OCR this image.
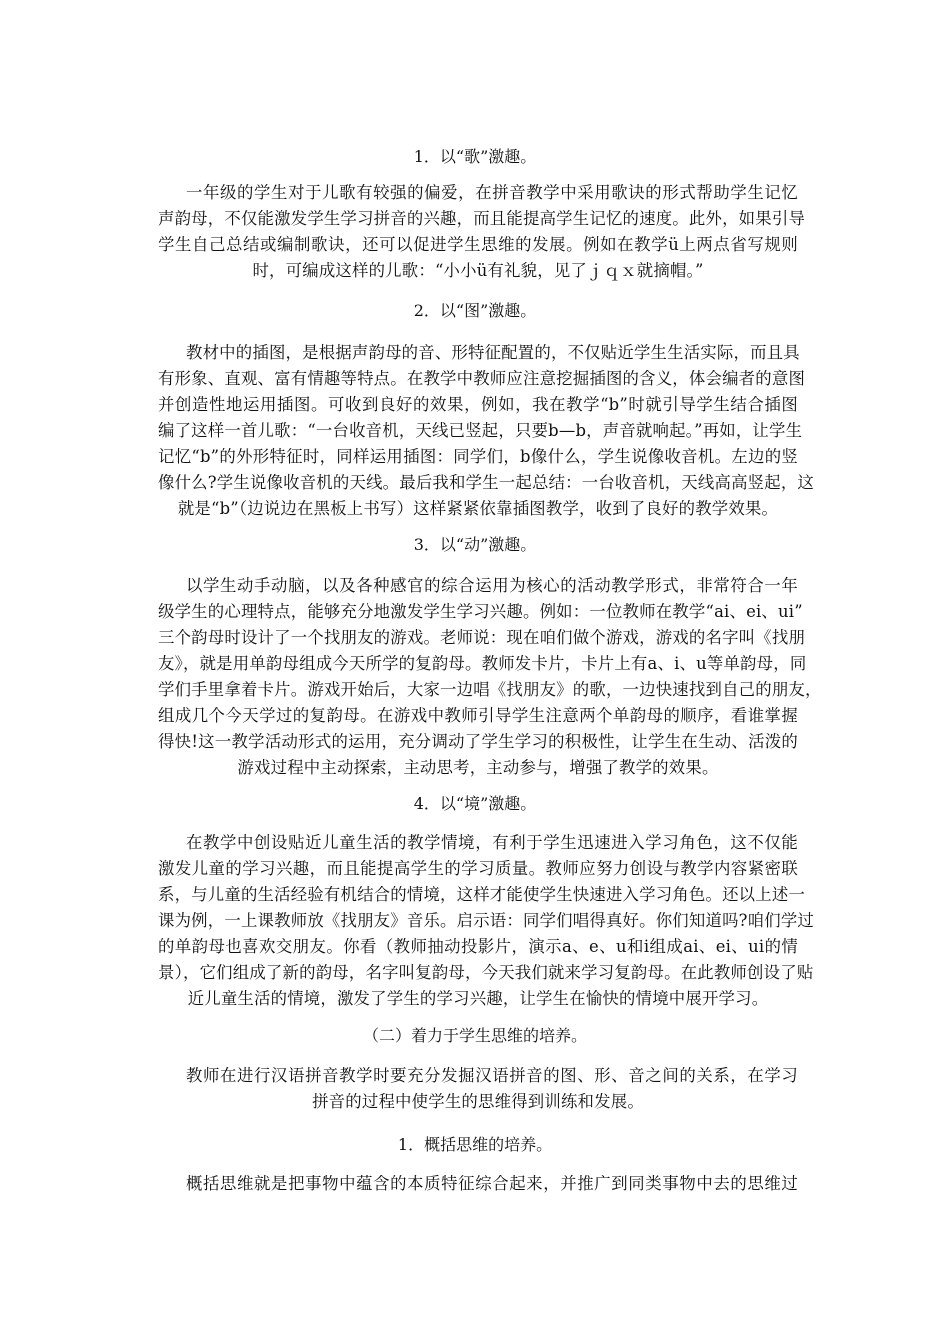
1．以“歌”激趣。
一年级的学生对于儿歌有较强的偏爱，在拼音教学中采用歌诀的形式帮助学生记忆
声韵母，不仅能激发学生学习拼音的兴趣，而且能提高学生记忆的速度。此外，如果引导
学生自己总结或编制歌诀，还可以促进学生思维的发展。例如在教学ü上两点省写规则
时，可编成这样的儿歌：“小小ü有礼貌，见了ｊｑｘ就摘帽。”
2．以“图”激趣。
教材中的插图，是根据声韵母的音、形特征配置的，不仅贴近学生生活实际，而且具
有形象、直观、富有情趣等特点。在教学中教师应注意挖掘插图的含义，体会编者的意图
并创造性地运用插图。可收到良好的效果，例如，我在教学“b”时就引导学生结合插图
编了这样一首儿歌：“一台收音机，天线已竖起，只要b—b，声音就响起。”再如，让学生
记忆“b”的外形特征时，同样运用插图：同学们，b像什么，学生说像收音机。左边的竖
像什么?学生说像收音机的天线。最后我和学生一起总结：一台收音机，天线高高竖起，这
就是“b”（边说边在黑板上书写）这样紧紧依靠插图教学，收到了良好的教学效果。
3．以“动”激趣。
以学生动手动脑，以及各种感官的综合运用为核心的活动教学形式，非常符合一年
级学生的心理特点，能够充分地激发学生学习兴趣。例如：一位教师在教学“ai、ei、ui”
三个韵母时设计了一个找朋友的游戏。老师说：现在咱们做个游戏，游戏的名字叫《找朋
友》，就是用单韵母组成今天所学的复韵母。教师发卡片，卡片上有a、i、u等单韵母，同
学们手里拿着卡片。游戏开始后，大家一边唱《找朋友》的歌，一边快速找到自己的朋友，
组成几个今天学过的复韵母。在游戏中教师引导学生注意两个单韵母的顺序，看谁掌握
得快!这一教学活动形式的运用，充分调动了学生学习的积极性，让学生在生动、活泼的
游戏过程中主动探索，主动思考，主动参与，增强了教学的效果。
4．以“境”激趣。
在教学中创设贴近儿童生活的教学情境，有利于学生迅速进入学习角色，这不仅能
激发儿童的学习兴趣，而且能提高学生的学习质量。教师应努力创设与教学内容紧密联
系，与儿童的生活经验有机结合的情境，这样才能使学生快速进入学习角色。还以上述一
课为例，一上课教师放《找朋友》音乐。启示语：同学们唱得真好。你们知道吗?咱们学过
的单韵母也喜欢交朋友。你看（教师抽动投影片，演示a、e、u和i组成ai、ei、ui的情
景），它们组成了新的韵母，名字叫复韵母，今天我们就来学习复韵母。在此教师创设了贴
近儿童生活的情境，激发了学生的学习兴趣，让学生在愉快的情境中展开学习。
（二）着力于学生思维的培养。
教师在进行汉语拼音教学时要充分发掘汉语拼音的图、形、音之间的关系，在学习
拼音的过程中使学生的思维得到训练和发展。
1．概括思维的培养。
概括思维就是把事物中蕴含的本质特征综合起来，并推广到同类事物中去的思维过
